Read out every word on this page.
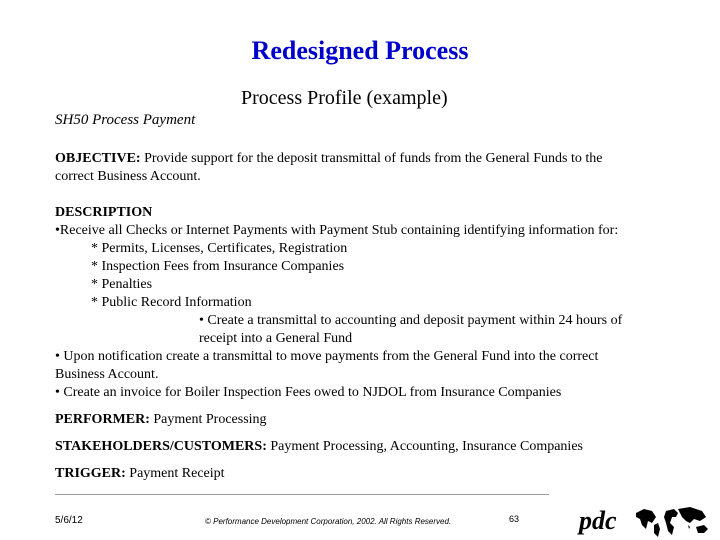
Redesigned Process
Process Profile (example)
SH50 Process Payment
OBJECTIVE: Provide support for the deposit transmittal of funds from the General Funds to the
correct Business Account.
DESCRIPTION
•Receive all Checks or Internet Payments with Payment Stub containing identifying information for:
* Permits, Licenses, Certificates, Registration
* Inspection Fees from Insurance Companies
* Penalties
* Public Record Information
• Create a transmittal to accounting and deposit payment within 24 hours of
receipt into a General Fund
• Upon notification create a transmittal to move payments from the General Fund into the correct
Business Account.
• Create an invoice for Boiler Inspection Fees owed to NJDOL from Insurance Companies
PERFORMER: Payment Processing
STAKEHOLDERS/CUSTOMERS: Payment Processing, Accounting, Insurance Companies
TRIGGER: Payment Receipt
5/6/12	© Performance Development Corporation, 2002. All Rights Reserved.	63 pdc
